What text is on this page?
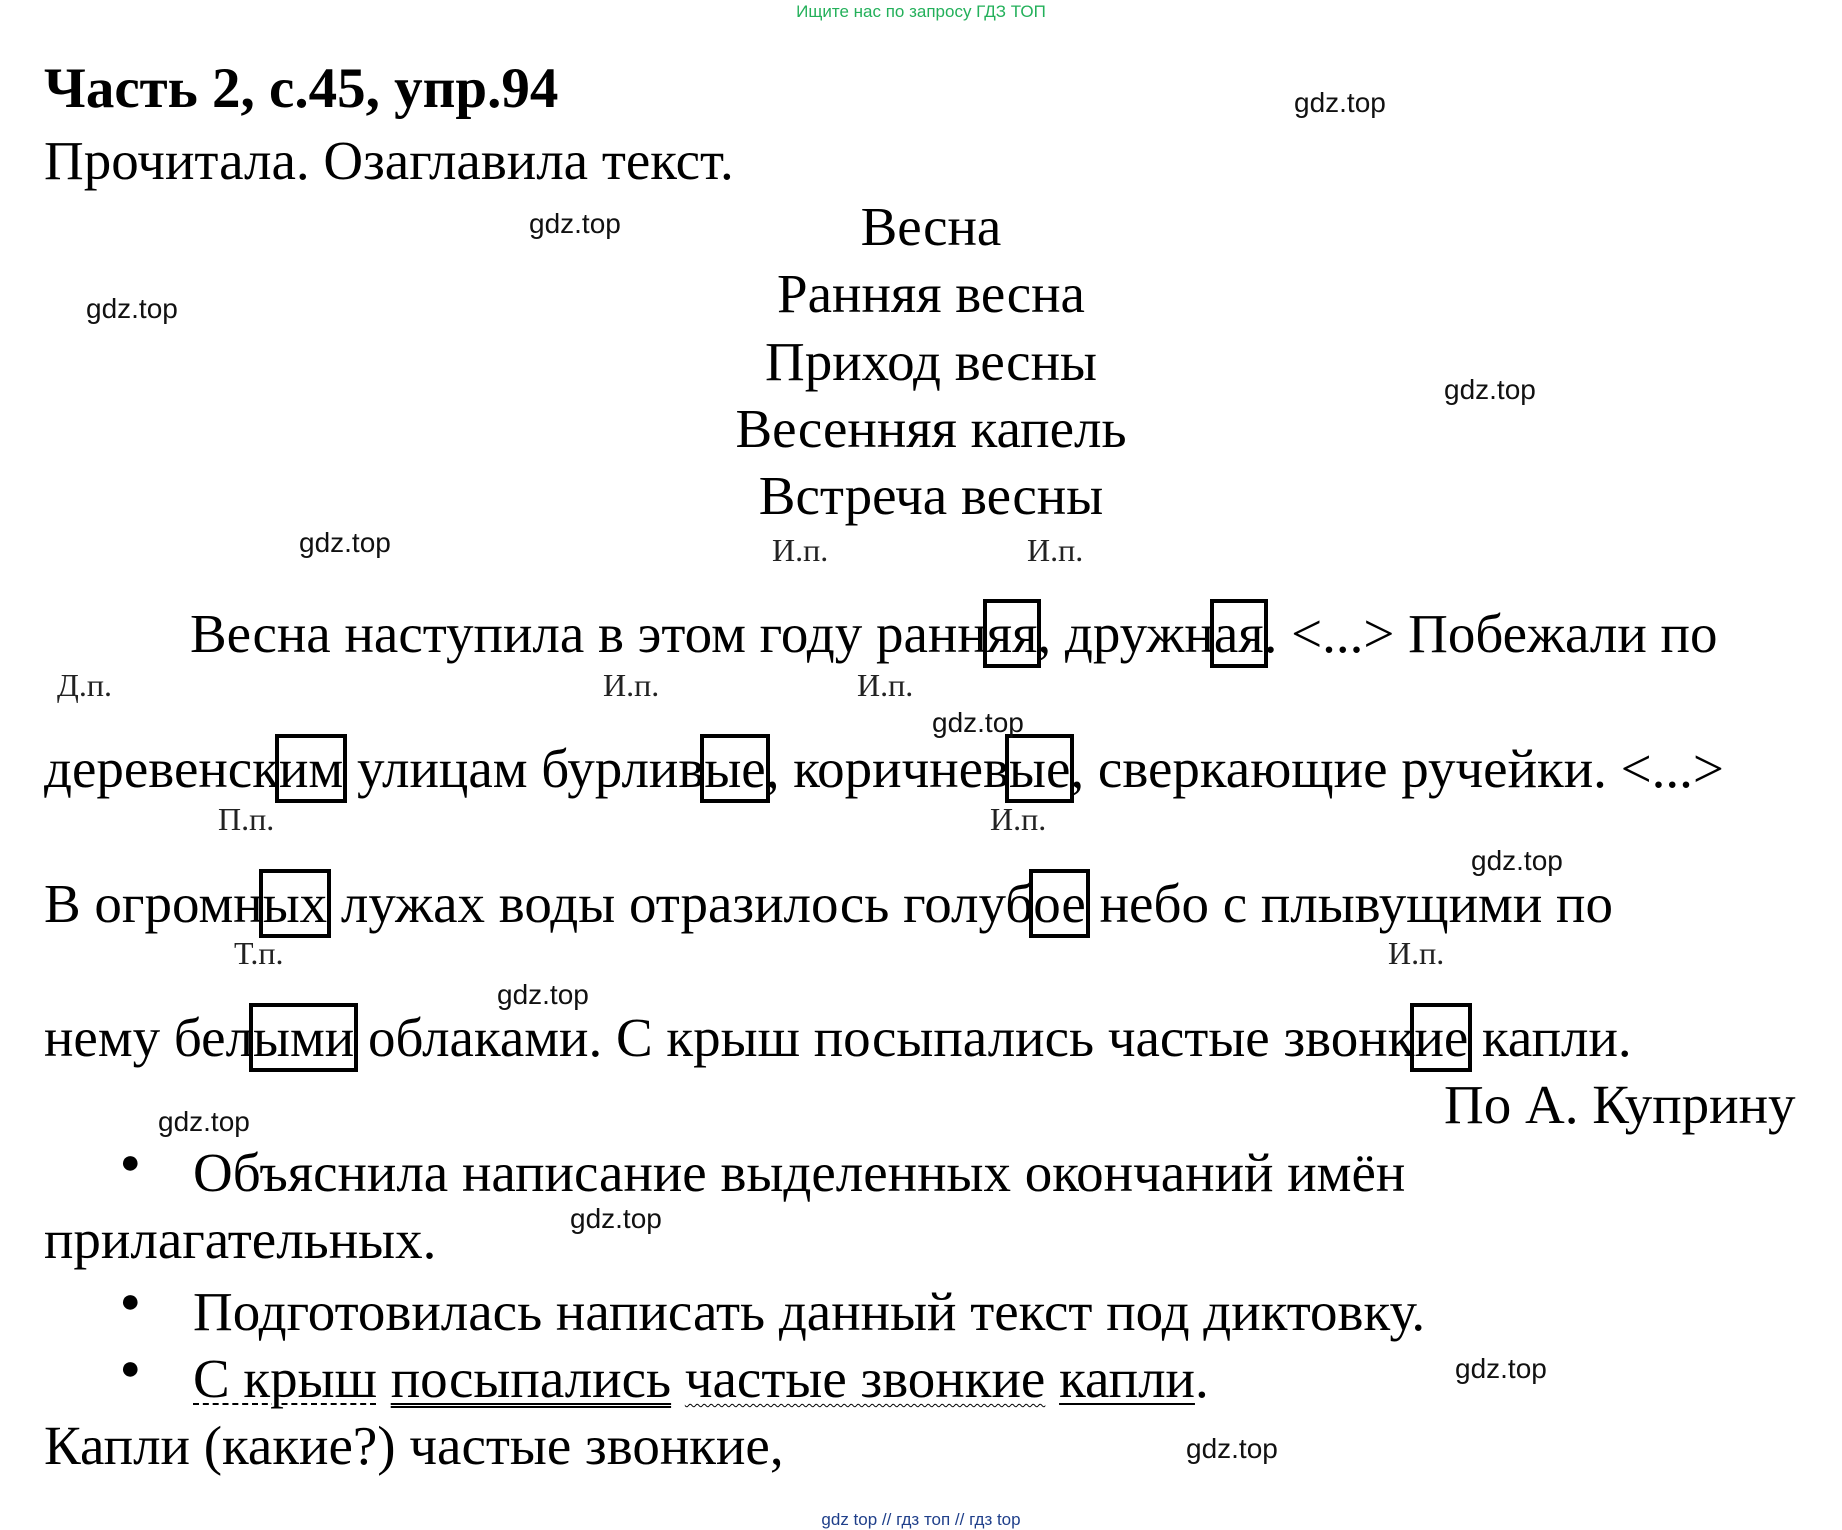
Ищите нас по запросу ГДЗ ТОП
gdz top // гдз топ // гдз top
Часть 2, с.45, упр.94
Прочитала. Озаглавила текст.
Весна
Ранняя весна
Приход весны
Весенняя капель
Встреча весны
И.п.	И.п.
Весна наступила в этом году ранняя, дружная. <...> Побежали по
Д.п.	И.п.	И.п.
деревенским улицам бурливые, коричневые, сверкающие ручейки. <...>
П.п.	И.п.
В огромных лужах воды отразилось голубое небо с плывущими по
Т.п.	И.п.
нему белыми облаками. С крыш посыпались частые звонкие капли.
По А. Куприну
● Объяснила написание выделенных окончаний имён
прилагательных.
● Подготовилась написать данный текст под диктовку.
● С крыш посыпались частые звонкие капли.
Капли (какие?) частые звонкие,
gdz.top
gdz.top
gdz.top
gdz.top
gdz.top
gdz.top
gdz.top
gdz.top
gdz.top
gdz.top
gdz.top
gdz.top
